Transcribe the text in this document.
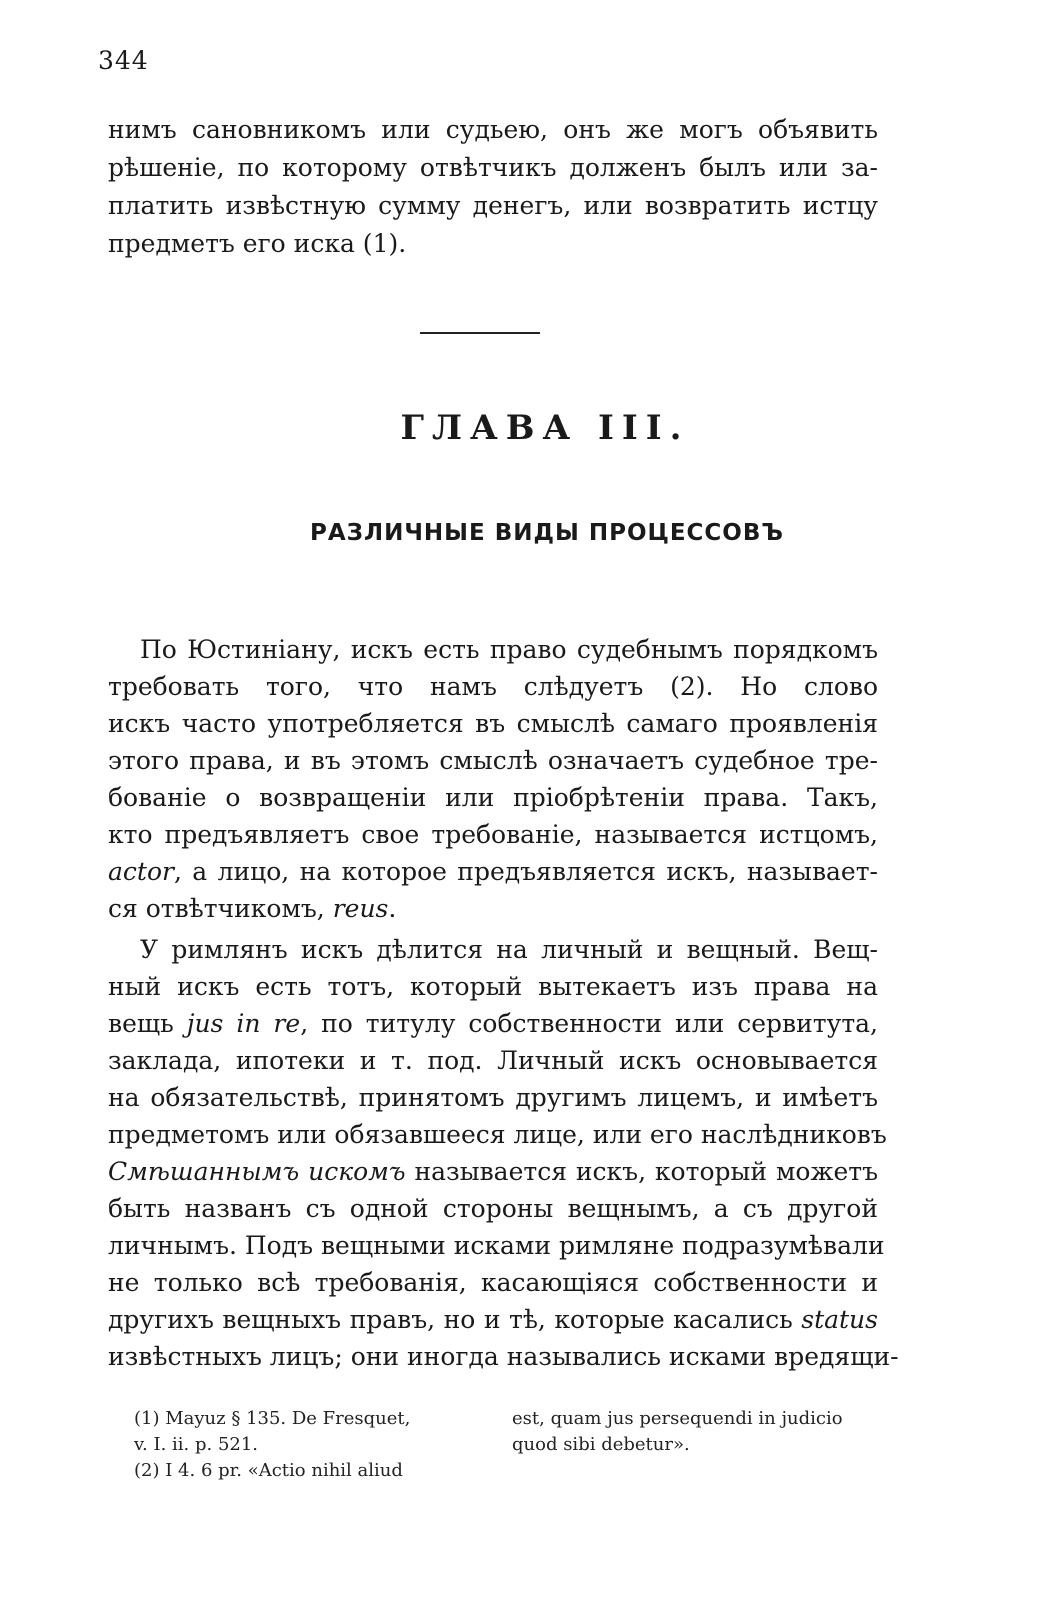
344
нимъ сановникомъ или судьею, онъ же могъ объявить
рѣшеніе, по которому отвѣтчикъ долженъ былъ или за-
платить извѣстную сумму денегъ, или возвратить истцу
предметъ его иска (1).
ГЛАВА III.
РАЗЛИЧНЫЕ ВИДЫ ПРОЦЕССОВЪ
По Юстиніану, искъ есть право судебнымъ порядкомъ
требовать того, что намъ слѣдуетъ (2). Но слово
искъ часто употребляется въ смыслѣ самаго проявленія
этого права, и въ этомъ смыслѣ означаетъ судебное тре-
бованіе о возвращеніи или пріобрѣтеніи права. Такъ,
кто предъявляетъ свое требованіе, называется истцомъ,
actor, а лицо, на которое предъявляется искъ, называет-
ся отвѣтчикомъ, reus.
У римлянъ искъ дѣлится на личный и вещный. Вещ-
ный искъ есть тотъ, который вытекаетъ изъ права на
вещь jus in re, по титулу собственности или сервитута,
заклада, ипотеки и т. под. Личный искъ основывается
на обязательствѣ, принятомъ другимъ лицемъ, и имѣетъ
предметомъ или обязавшееся лице, или его наслѣдниковъ
Смѣшаннымъ искомъ называется искъ, который можетъ
быть названъ съ одной стороны вещнымъ, а съ другой
личнымъ. Подъ вещными исками римляне подразумѣвали
не только всѣ требованія, касающіяся собственности и
другихъ вещныхъ правъ, но и тѣ, которые касались status
извѣстныхъ лицъ; они иногда назывались исками вредящи-
(1) Mayuz § 135. De Fresquet,
v. I. ii. p. 521.
(2) I 4. 6 pr. «Actio nihil aliud
est, quam jus persequendi in judicio
quod sibi debetur».
